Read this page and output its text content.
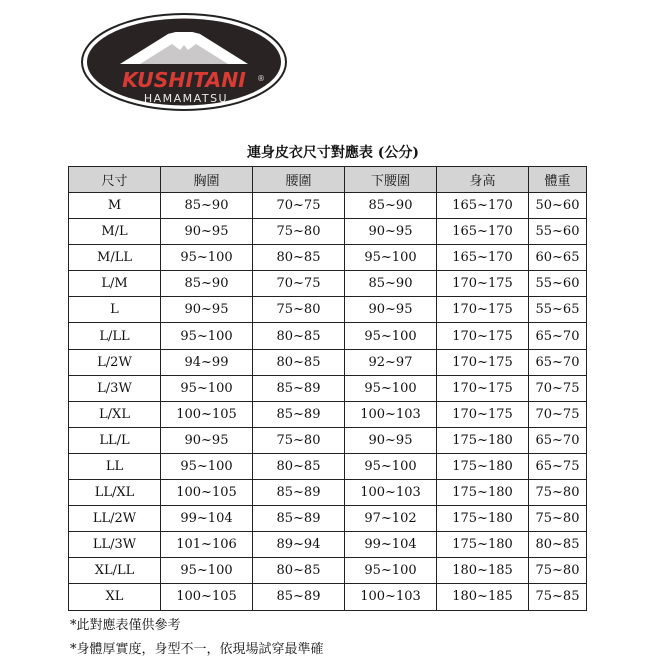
KUSHITANI	®
HAMAMATSU
連身皮衣尺寸對應表 (公分)
尺寸	胸圍	腰圍	下腰圍	身高	體重
M	85~90	70~75	85~90	165~170	50~60
M/L	90~95	75~80	90~95	165~170	55~60
M/LL	95~100	80~85	95~100	165~170	60~65
L/M	85~90	70~75	85~90	170~175	55~60
L	90~95	75~80	90~95	170~175	55~65
L/LL	95~100	80~85	95~100	170~175	65~70
L/2W	94~99	80~85	92~97	170~175	65~70
L/3W	95~100	85~89	95~100	170~175	70~75
L/XL	100~105	85~89	100~103	170~175	70~75
LL/L	90~95	75~80	90~95	175~180	65~70
LL	95~100	80~85	95~100	175~180	65~75
LL/XL	100~105	85~89	100~103	175~180	75~80
LL/2W	99~104	85~89	97~102	175~180	75~80
LL/3W	101~106	89~94	99~104	175~180	80~85
XL/LL	95~100	80~85	95~100	180~185	75~80
XL	100~105	85~89	100~103	180~185	75~85

*此對應表僅供參考

*身體厚實度，身型不一，依現場試穿最準確
